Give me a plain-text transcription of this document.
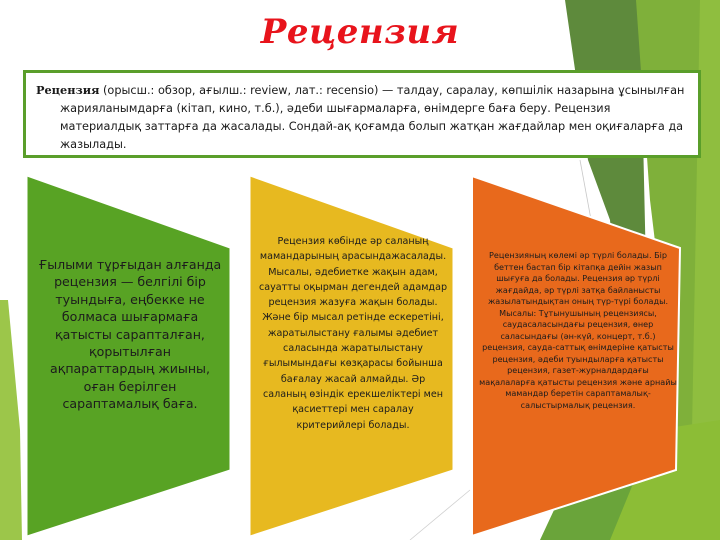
Рецензия

Рецензия (орысш.: обзор, ағылш.: review, лат.: recensio) — талдау, саралау, көпшілік назарына ұсынылған жарияланымдарға (кітап, кино, т.б.), әдеби шығармаларға, өнімдерге баға беру. Рецензия материалдық заттарға да жасалады. Сондай-ақ қоғамда болып жатқан жағдайлар мен оқиғаларға да жазылады.

Ғылыми тұрғыдан алғанда рецензия — белгілі бір туындыға, еңбекке не болмаса шығармаға қатысты сарапталған, қорытылған ақпараттардың жиыны, оған берілген сараптамалық баға.
Рецензия көбінде әр саланың мамандарының арасындажасалады. Мысалы, әдебиетке жақын адам, сауатты оқырман дегендей адамдар рецензия жазуға жақын болады. Және бір мысал ретінде ескеретіні, жаратылыстану ғалымы әдебиет саласында жаратылыстану ғылымындағы көзқарасы бойынша бағалау жасай алмайды. Әр саланың өзіндік ерекшеліктері мен қасиеттері мен саралау критерийлері болады.
Рецензияның көлемі әр түрлі болады. Бір беттен бастап бір кітапқа дейін жазып шығуға да болады. Рецензия әр түрлі жағдайда, әр түрлі затқа байланысты жазылатындықтан оның түр-түрі болады. Мысалы: Тұтынушының рецензиясы, саудасаласындағы рецензия, өнер саласындағы (ән-күй, концерт, т.б.) рецензия, сауда-саттық өнімдеріне қатысты рецензия, әдеби туындыларға қатысты рецензия, газет-журналдардағы мақалаларға қатысты рецензия және арнайы мамандар беретін сараптамалық-салыстырмалық рецензия.
